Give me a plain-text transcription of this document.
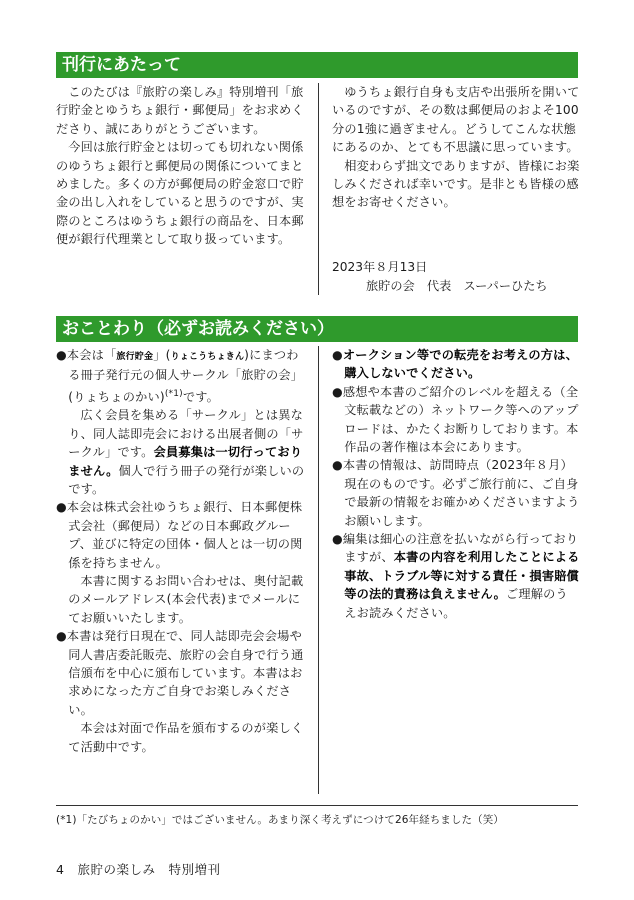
刊行にあたって

このたびは『旅貯の楽しみ』特別増刊「旅行貯金とゆうちょ銀行・郵便局」をお求めくださり、誠にありがとうございます。

今回は旅行貯金とは切っても切れない関係のゆうちょ銀行と郵便局の関係についてまとめました。多くの方が郵便局の貯金窓口で貯金の出し入れをしていると思うのですが、実際のところはゆうちょ銀行の商品を、日本郵便が銀行代理業として取り扱っています。

ゆうちょ銀行自身も支店や出張所を開いているのですが、その数は郵便局のおよそ100分の1強に過ぎません。どうしてこんな状態にあるのか、とても不思議に思っています。

相変わらず拙文でありますが、皆様にお楽しみくだされば幸いです。是非とも皆様の感想をお寄せください。

2023年８月13日
旅貯の会　代表　スーパーひたち
おことわり（必ずお読みください）

●本会は「旅行貯金」(りょこうちょきん)にまつわる冊子発行元の個人サークル「旅貯の会」(りょちょのかい)$^{(*1)}$です。
広く会員を集める「サークル」とは異なり、同人誌即売会における出展者側の「サークル」です。会員募集は一切行っておりません。個人で行う冊子の発行が楽しいのです。

●本会は株式会社ゆうちょ銀行、日本郵便株式会社（郵便局）などの日本郵政グループ、並びに特定の団体・個人とは一切の関係を持ちません。
本書に関するお問い合わせは、奥付記載のメールアドレス(本会代表)までメールにてお願いいたします。

●本書は発行日現在で、同人誌即売会会場や同人書店委託販売、旅貯の会自身で行う通信頒布を中心に頒布しています。本書はお求めになった方ご自身でお楽しみください。
本会は対面で作品を頒布するのが楽しくて活動中です。

●オークション等での転売をお考えの方は、購入しないでください。

●感想や本書のご紹介のレベルを超える（全文転載などの）ネットワーク等へのアップロードは、かたくお断りしております。本作品の著作権は本会にあります。

●本書の情報は、訪問時点（2023年８月）現在のものです。必ずご旅行前に、ご自身で最新の情報をお確かめくださいますようお願いします。

●編集は細心の注意を払いながら行っておりますが、本書の内容を利用したことによる事故、トラブル等に対する責任・損害賠償等の法的責務は負えません。ご理解のうえお読みください。

(*1)「たびちょのかい」ではございません。あまり深く考えずにつけて26年経ちました（笑）
4　旅貯の楽しみ　特別増刊
